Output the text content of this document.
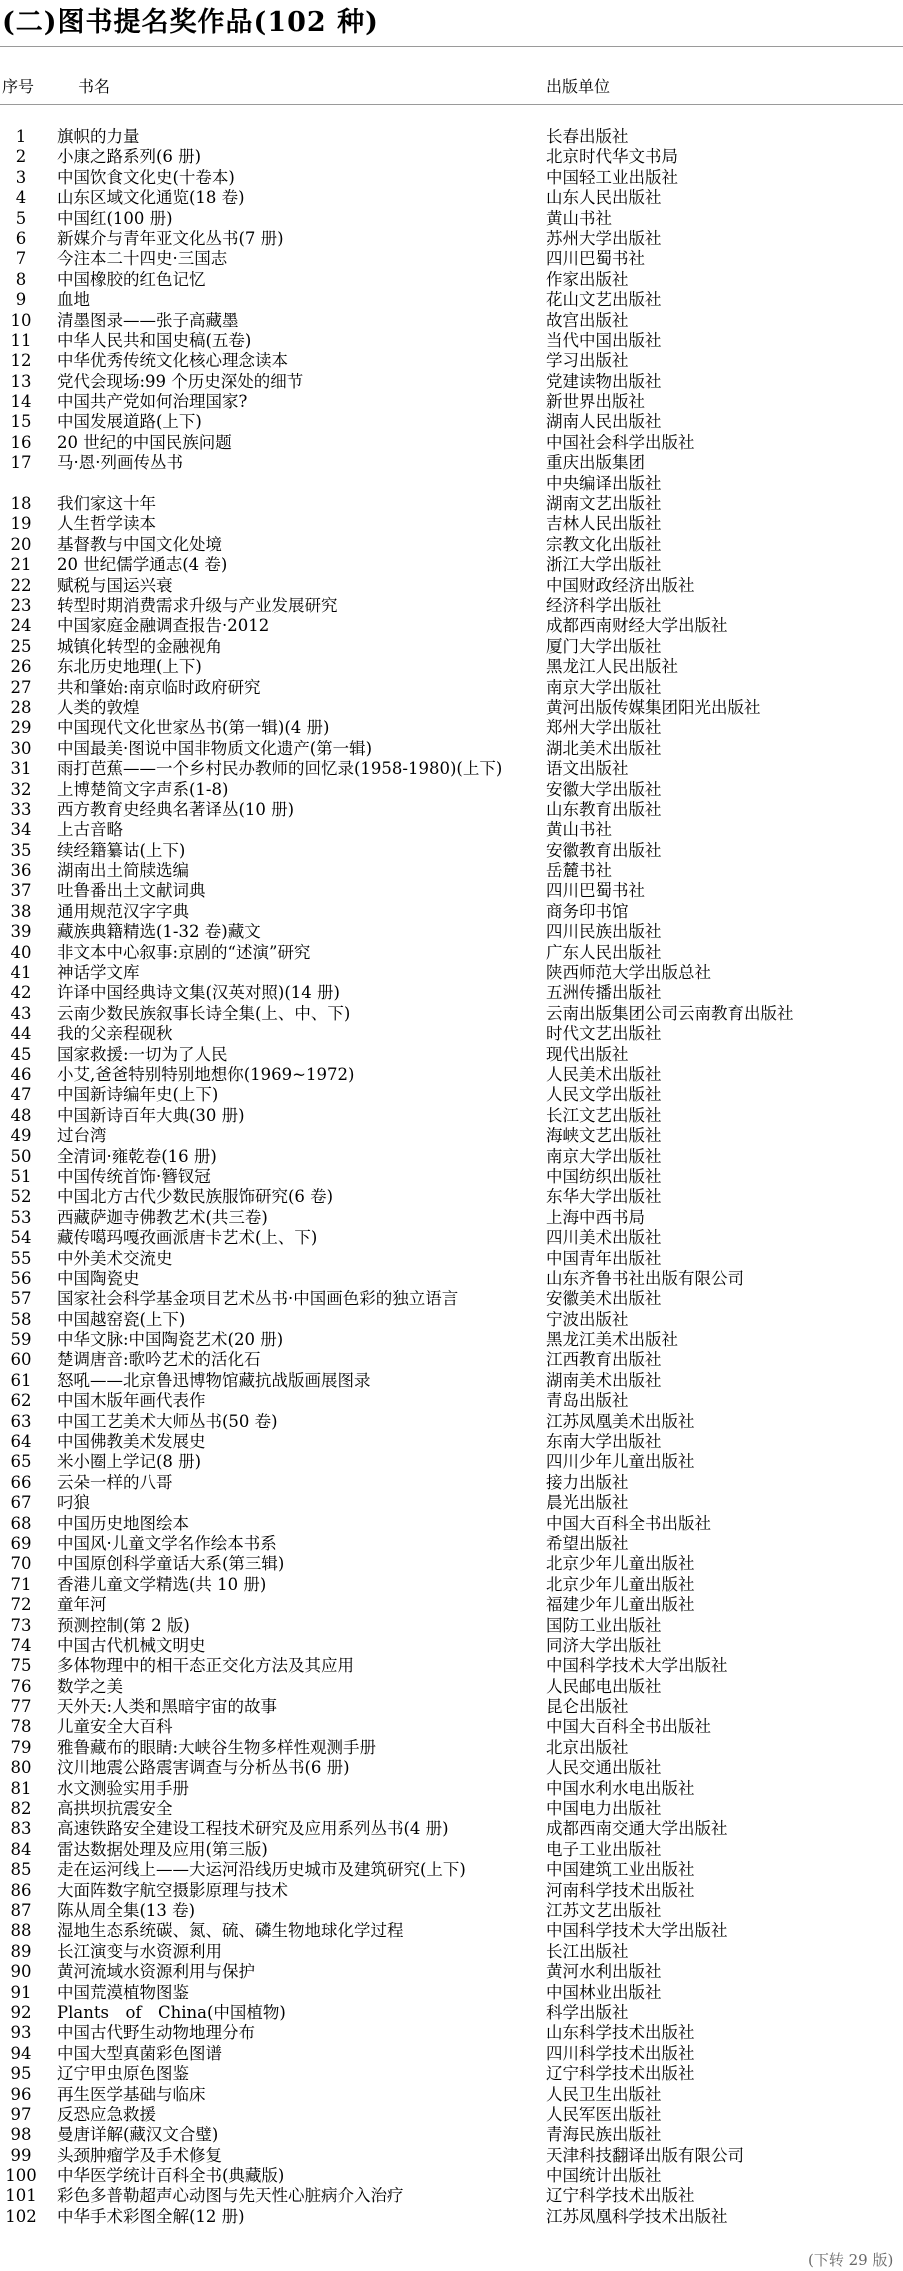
(二)图书提名奖作品(102 种)
序号	书名	出版单位
1	旗帜的力量	长春出版社
2	小康之路系列(6 册)	北京时代华文书局
3	中国饮食文化史(十卷本)	中国轻工业出版社
4	山东区域文化通览(18 卷)	山东人民出版社
5	中国红(100 册)	黄山书社
6	新媒介与青年亚文化丛书(7 册)	苏州大学出版社
7	今注本二十四史·三国志	四川巴蜀书社
8	中国橡胶的红色记忆	作家出版社
9	血地	花山文艺出版社
10	清墨图录——张子高藏墨	故宫出版社
11	中华人民共和国史稿(五卷)	当代中国出版社
12	中华优秀传统文化核心理念读本	学习出版社
13	党代会现场:99 个历史深处的细节	党建读物出版社
14	中国共产党如何治理国家?	新世界出版社
15	中国发展道路(上下)	湖南人民出版社
16	20 世纪的中国民族问题	中国社会科学出版社
17	马·恩·列画传丛书	重庆出版集团
中央编译出版社
18	我们家这十年	湖南文艺出版社
19	人生哲学读本	吉林人民出版社
20	基督教与中国文化处境	宗教文化出版社
21	20 世纪儒学通志(4 卷)	浙江大学出版社
22	赋税与国运兴衰	中国财政经济出版社
23	转型时期消费需求升级与产业发展研究	经济科学出版社
24	中国家庭金融调查报告·2012	成都西南财经大学出版社
25	城镇化转型的金融视角	厦门大学出版社
26	东北历史地理(上下)	黑龙江人民出版社
27	共和肇始:南京临时政府研究	南京大学出版社
28	人类的敦煌	黄河出版传媒集团阳光出版社
29	中国现代文化世家丛书(第一辑)(4 册)	郑州大学出版社
30	中国最美·图说中国非物质文化遗产(第一辑)	湖北美术出版社
31	雨打芭蕉——一个乡村民办教师的回忆录(1958-1980)(上下)	语文出版社
32	上博楚简文字声系(1-8)	安徽大学出版社
33	西方教育史经典名著译丛(10 册)	山东教育出版社
34	上古音略	黄山书社
35	续经籍纂诂(上下)	安徽教育出版社
36	湖南出土简牍选编	岳麓书社
37	吐鲁番出土文献词典	四川巴蜀书社
38	通用规范汉字字典	商务印书馆
39	藏族典籍精选(1-32 卷)藏文	四川民族出版社
40	非文本中心叙事:京剧的“述演”研究	广东人民出版社
41	神话学文库	陕西师范大学出版总社
42	许译中国经典诗文集(汉英对照)(14 册)	五洲传播出版社
43	云南少数民族叙事长诗全集(上、中、下)	云南出版集团公司云南教育出版社
44	我的父亲程砚秋	时代文艺出版社
45	国家救援:一切为了人民	现代出版社
46	小艾,爸爸特别特别地想你(1969~1972)	人民美术出版社
47	中国新诗编年史(上下)	人民文学出版社
48	中国新诗百年大典(30 册)	长江文艺出版社
49	过台湾	海峡文艺出版社
50	全清词·雍乾卷(16 册)	南京大学出版社
51	中国传统首饰·簪钗冠	中国纺织出版社
52	中国北方古代少数民族服饰研究(6 卷)	东华大学出版社
53	西藏萨迦寺佛教艺术(共三卷)	上海中西书局
54	藏传噶玛嘎孜画派唐卡艺术(上、下)	四川美术出版社
55	中外美术交流史	中国青年出版社
56	中国陶瓷史	山东齐鲁书社出版有限公司
57	国家社会科学基金项目艺术丛书·中国画色彩的独立语言	安徽美术出版社
58	中国越窑瓷(上下)	宁波出版社
59	中华文脉:中国陶瓷艺术(20 册)	黑龙江美术出版社
60	楚调唐音:歌吟艺术的活化石	江西教育出版社
61	怒吼——北京鲁迅博物馆藏抗战版画展图录	湖南美术出版社
62	中国木版年画代表作	青岛出版社
63	中国工艺美术大师丛书(50 卷)	江苏凤凰美术出版社
64	中国佛教美术发展史	东南大学出版社
65	米小圈上学记(8 册)	四川少年儿童出版社
66	云朵一样的八哥	接力出版社
67	叼狼	晨光出版社
68	中国历史地图绘本	中国大百科全书出版社
69	中国风·儿童文学名作绘本书系	希望出版社
70	中国原创科学童话大系(第三辑)	北京少年儿童出版社
71	香港儿童文学精选(共 10 册)	北京少年儿童出版社
72	童年河	福建少年儿童出版社
73	预测控制(第 2 版)	国防工业出版社
74	中国古代机械文明史	同济大学出版社
75	多体物理中的相干态正交化方法及其应用	中国科学技术大学出版社
76	数学之美	人民邮电出版社
77	天外天:人类和黑暗宇宙的故事	昆仑出版社
78	儿童安全大百科	中国大百科全书出版社
79	雅鲁藏布的眼睛:大峡谷生物多样性观测手册	北京出版社
80	汶川地震公路震害调查与分析丛书(6 册)	人民交通出版社
81	水文测验实用手册	中国水利水电出版社
82	高拱坝抗震安全	中国电力出版社
83	高速铁路安全建设工程技术研究及应用系列丛书(4 册)	成都西南交通大学出版社
84	雷达数据处理及应用(第三版)	电子工业出版社
85	走在运河线上——大运河沿线历史城市及建筑研究(上下)	中国建筑工业出版社
86	大面阵数字航空摄影原理与技术	河南科学技术出版社
87	陈从周全集(13 卷)	江苏文艺出版社
88	湿地生态系统碳、氮、硫、磷生物地球化学过程	中国科学技术大学出版社
89	长江演变与水资源利用	长江出版社
90	黄河流域水资源利用与保护	黄河水利出版社
91	中国荒漠植物图鉴	中国林业出版社
92	Plants　of　China(中国植物)	科学出版社
93	中国古代野生动物地理分布	山东科学技术出版社
94	中国大型真菌彩色图谱	四川科学技术出版社
95	辽宁甲虫原色图鉴	辽宁科学技术出版社
96	再生医学基础与临床	人民卫生出版社
97	反恐应急救援	人民军医出版社
98	曼唐详解(藏汉文合璧)	青海民族出版社
99	头颈肿瘤学及手术修复	天津科技翻译出版有限公司
100	中华医学统计百科全书(典藏版)	中国统计出版社
101	彩色多普勒超声心动图与先天性心脏病介入治疗	辽宁科学技术出版社
102	中华手术彩图全解(12 册)	江苏凤凰科学技术出版社
(下转 29 版)
